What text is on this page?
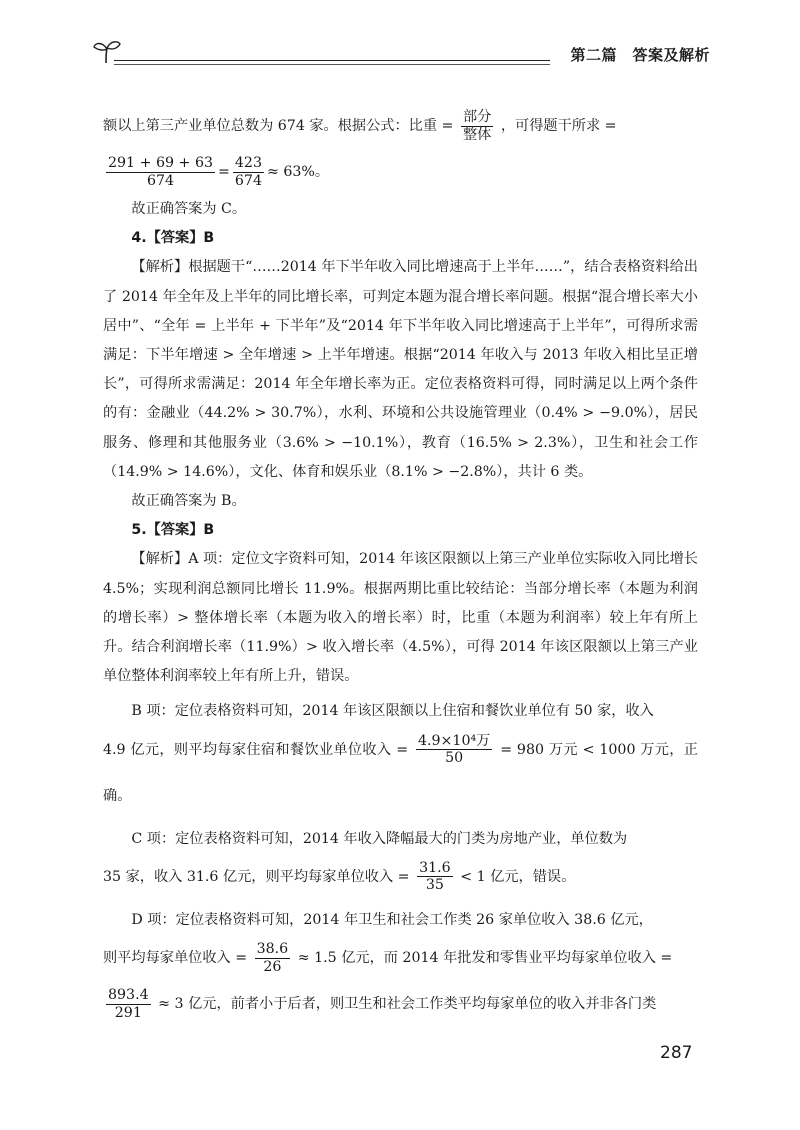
第二篇　答案及解析

额以上第三产业单位总数为 674 家。根据公式：比重 = $\frac{\text{部分}}{\text{整体}}$ ，可得题干所求 =

$\frac{291 + 69 + 63}{674} = \frac{423}{674} \approx 63\%$。

故正确答案为 C。

4.【答案】B

【解析】根据题干“……2014 年下半年收入同比增速高于上半年……”，结合表格资料给出了 2014 年全年及上半年的同比增长率，可判定本题为混合增长率问题。根据“混合增长率大小居中”、“全年 = 上半年 + 下半年”及“2014 年下半年收入同比增速高于上半年”，可得所求需满足：下半年增速 > 全年增速 > 上半年增速。根据“2014 年收入与 2013 年收入相比呈正增长”，可得所求需满足：2014 年全年增长率为正。定位表格资料可得，同时满足以上两个条件的有：金融业（44.2% > 30.7%），水利、环境和公共设施管理业（0.4% > −9.0%），居民服务、修理和其他服务业（3.6% > −10.1%），教育（16.5% > 2.3%），卫生和社会工作（14.9% > 14.6%），文化、体育和娱乐业（8.1% > −2.8%），共计 6 类。

故正确答案为 B。

5.【答案】B

【解析】A 项：定位文字资料可知，2014 年该区限额以上第三产业单位实际收入同比增长 4.5%；实现利润总额同比增长 11.9%。根据两期比重比较结论：当部分增长率（本题为利润的增长率）> 整体增长率（本题为收入的增长率）时，比重（本题为利润率）较上年有所上升。结合利润增长率（11.9%）> 收入增长率（4.5%），可得 2014 年该区限额以上第三产业单位整体利润率较上年有所上升，错误。

B 项：定位表格资料可知，2014 年该区限额以上住宿和餐饮业单位有 50 家，收入

4.9 亿元，则平均每家住宿和餐饮业单位收入 = $\frac{\text{4.9×10⁴万}}{50} = 980$ 万元 < 1000 万元，正确。

C 项：定位表格资料可知，2014 年收入降幅最大的门类为房地产业，单位数为

35 家，收入 31.6 亿元，则平均每家单位收入 = $\frac{31.6}{35} < 1$ 亿元，错误。

D 项：定位表格资料可知，2014 年卫生和社会工作类 26 家单位收入 38.6 亿元，

则平均每家单位收入 = $\frac{38.6}{26} \approx 1.5$ 亿元，而 2014 年批发和零售业平均每家单位收入 =

$\frac{893.4}{291} \approx 3$ 亿元，前者小于后者，则卫生和社会工作类平均每家单位的收入并非各门类

287
